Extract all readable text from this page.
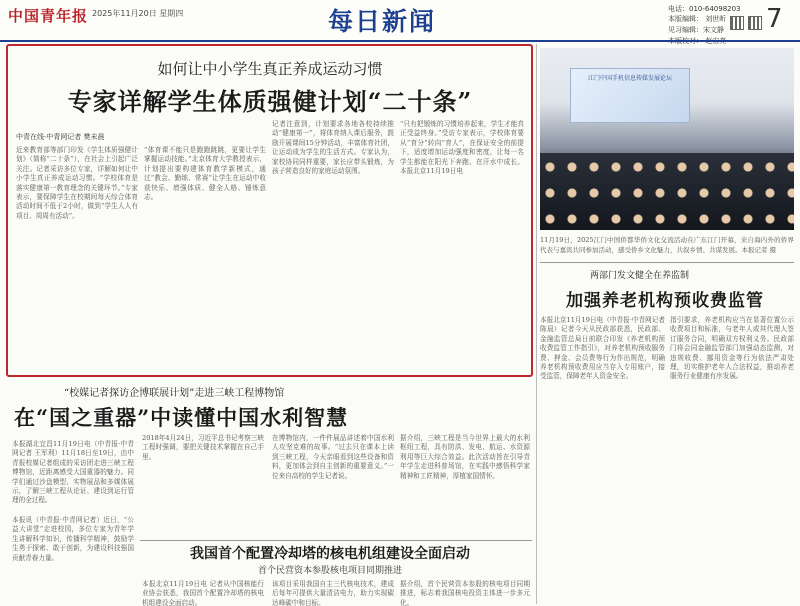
中国青年报 2025年11月20日 星期四	每日新闻	电话：010-64098203
本版编辑： 刘世昕
见习编辑：宋文静 7
如何让中小学生真正养成运动习惯
专家详解学生体质强健计划“二十条”
中青在线·中青网记者 樊未晨
近来教育部等部门印发《学生体质强健计划》（简称“二十条”），在社会上引起广泛关注。记者采访多位专家，详解如何让中小学生真正养成运动习惯。“学校体育是落实健康第一教育理念的关键环节。”专家表示，要保障学生在校期间每天综合体育活动时间不低于2小时，做到“学生人人有项目、周周有活动”。
“体育课不能只是跑跑跳跳，更要让学生掌握运动技能。”北京体育大学教授表示，计划提出要构建体育教学新模式，通过“教会、勤练、常赛”让学生在运动中收获快乐、增强体质、健全人格、锤炼意志。
记者注意到，计划要求各地各校持续推动“健康第一”，将体育纳入课后服务，鼓励开展课间15分钟活动，丰富体育社团，让运动成为学生的生活方式。专家认为，家校协同同样重要，家长应带头锻炼，为孩子营造良好的家庭运动氛围。
“只有把锻炼的习惯培养起来，学生才能真正受益终身。”受访专家表示，学校体育要从“育分”转向“育人”，在保证安全的前提下，适度增加运动强度和密度，让每一名学生都能在阳光下奔跑、在汗水中成长。本报北京11月19日电
江门中国手机信息传媒发展论坛
11月19日，2025江门中国侨都华侨文化交流活动在广东江门开幕，来自海内外的侨界代表与嘉宾共同参加活动，感受侨乡文化魅力，共叙乡情、共谋发展。本报记者 摄
两部门发文健全在养监制
加强养老机构预收费监管
本报北京11月19日电（中青报·中青网记者 陈晨）记者今天从民政部获悉，民政部、金融监管总局日前联合印发《养老机构预收费监管工作指引》，对养老机构预收服务费、押金、会员费等行为作出规范，明确养老机构预收费用应当存入专用账户，接受监管，保障老年人资金安全。
指引要求，养老机构应当在显著位置公示收费项目和标准，与老年人或其代理人签订服务合同，明确双方权利义务。民政部门将会同金融监管部门加强动态监测，对违规收费、挪用资金等行为依法严肃处理，切实维护老年人合法权益，推动养老服务行业健康有序发展。
“校媒记者探访企博联展计划”走进三峡工程博物馆
在“国之重器”中读懂中国水利智慧
本报湖北宜昌11月19日电（中青报·中青网记者 王军利）11月18日至19日，由中青报校媒记者组成的采访团走进三峡工程博物馆，近距离感受大国重器的魅力。同学们通过沙盘模型、实物展品和多媒体展示，了解三峡工程从论证、建设到运行管理的全过程。
2018年4月24日，习近平总书记考察三峡工程时强调，要把关键技术掌握在自己手里。
在博物馆内，一件件展品讲述着中国水利人攻坚克难的故事。“过去只在课本上读到三峡工程，今天亲眼看到这些设备和资料，更加体会到自主创新的重要意义。”一位来自高校的学生记者说。
据介绍，三峡工程是当今世界上最大的水利枢纽工程，具有防洪、发电、航运、水资源利用等巨大综合效益。此次活动旨在引导青年学生走进科普场馆，在实践中感悟科学家精神和工匠精神，厚植家国情怀。
本报讯（中青报·中青网记者）近日，“公益大讲堂”走进校园，多位专家为青年学生讲解科学知识，传播科学精神，鼓励学生勇于探索、敢于创新，为建设科技强国贡献青春力量。	我国首个配置冷却塔的核电机组建设全面启动
首个民营资本参股核电项目同期推进
本报北京11月19日电 记者从中国核能行业协会获悉，我国首个配置冷却塔的核电机组建设全面启动。
该项目采用我国自主三代核电技术，建成后每年可提供大量清洁电力，助力实现碳达峰碳中和目标。
据介绍，首个民营资本参股的核电项目同期推进，标志着我国核电投资主体进一步多元化。
